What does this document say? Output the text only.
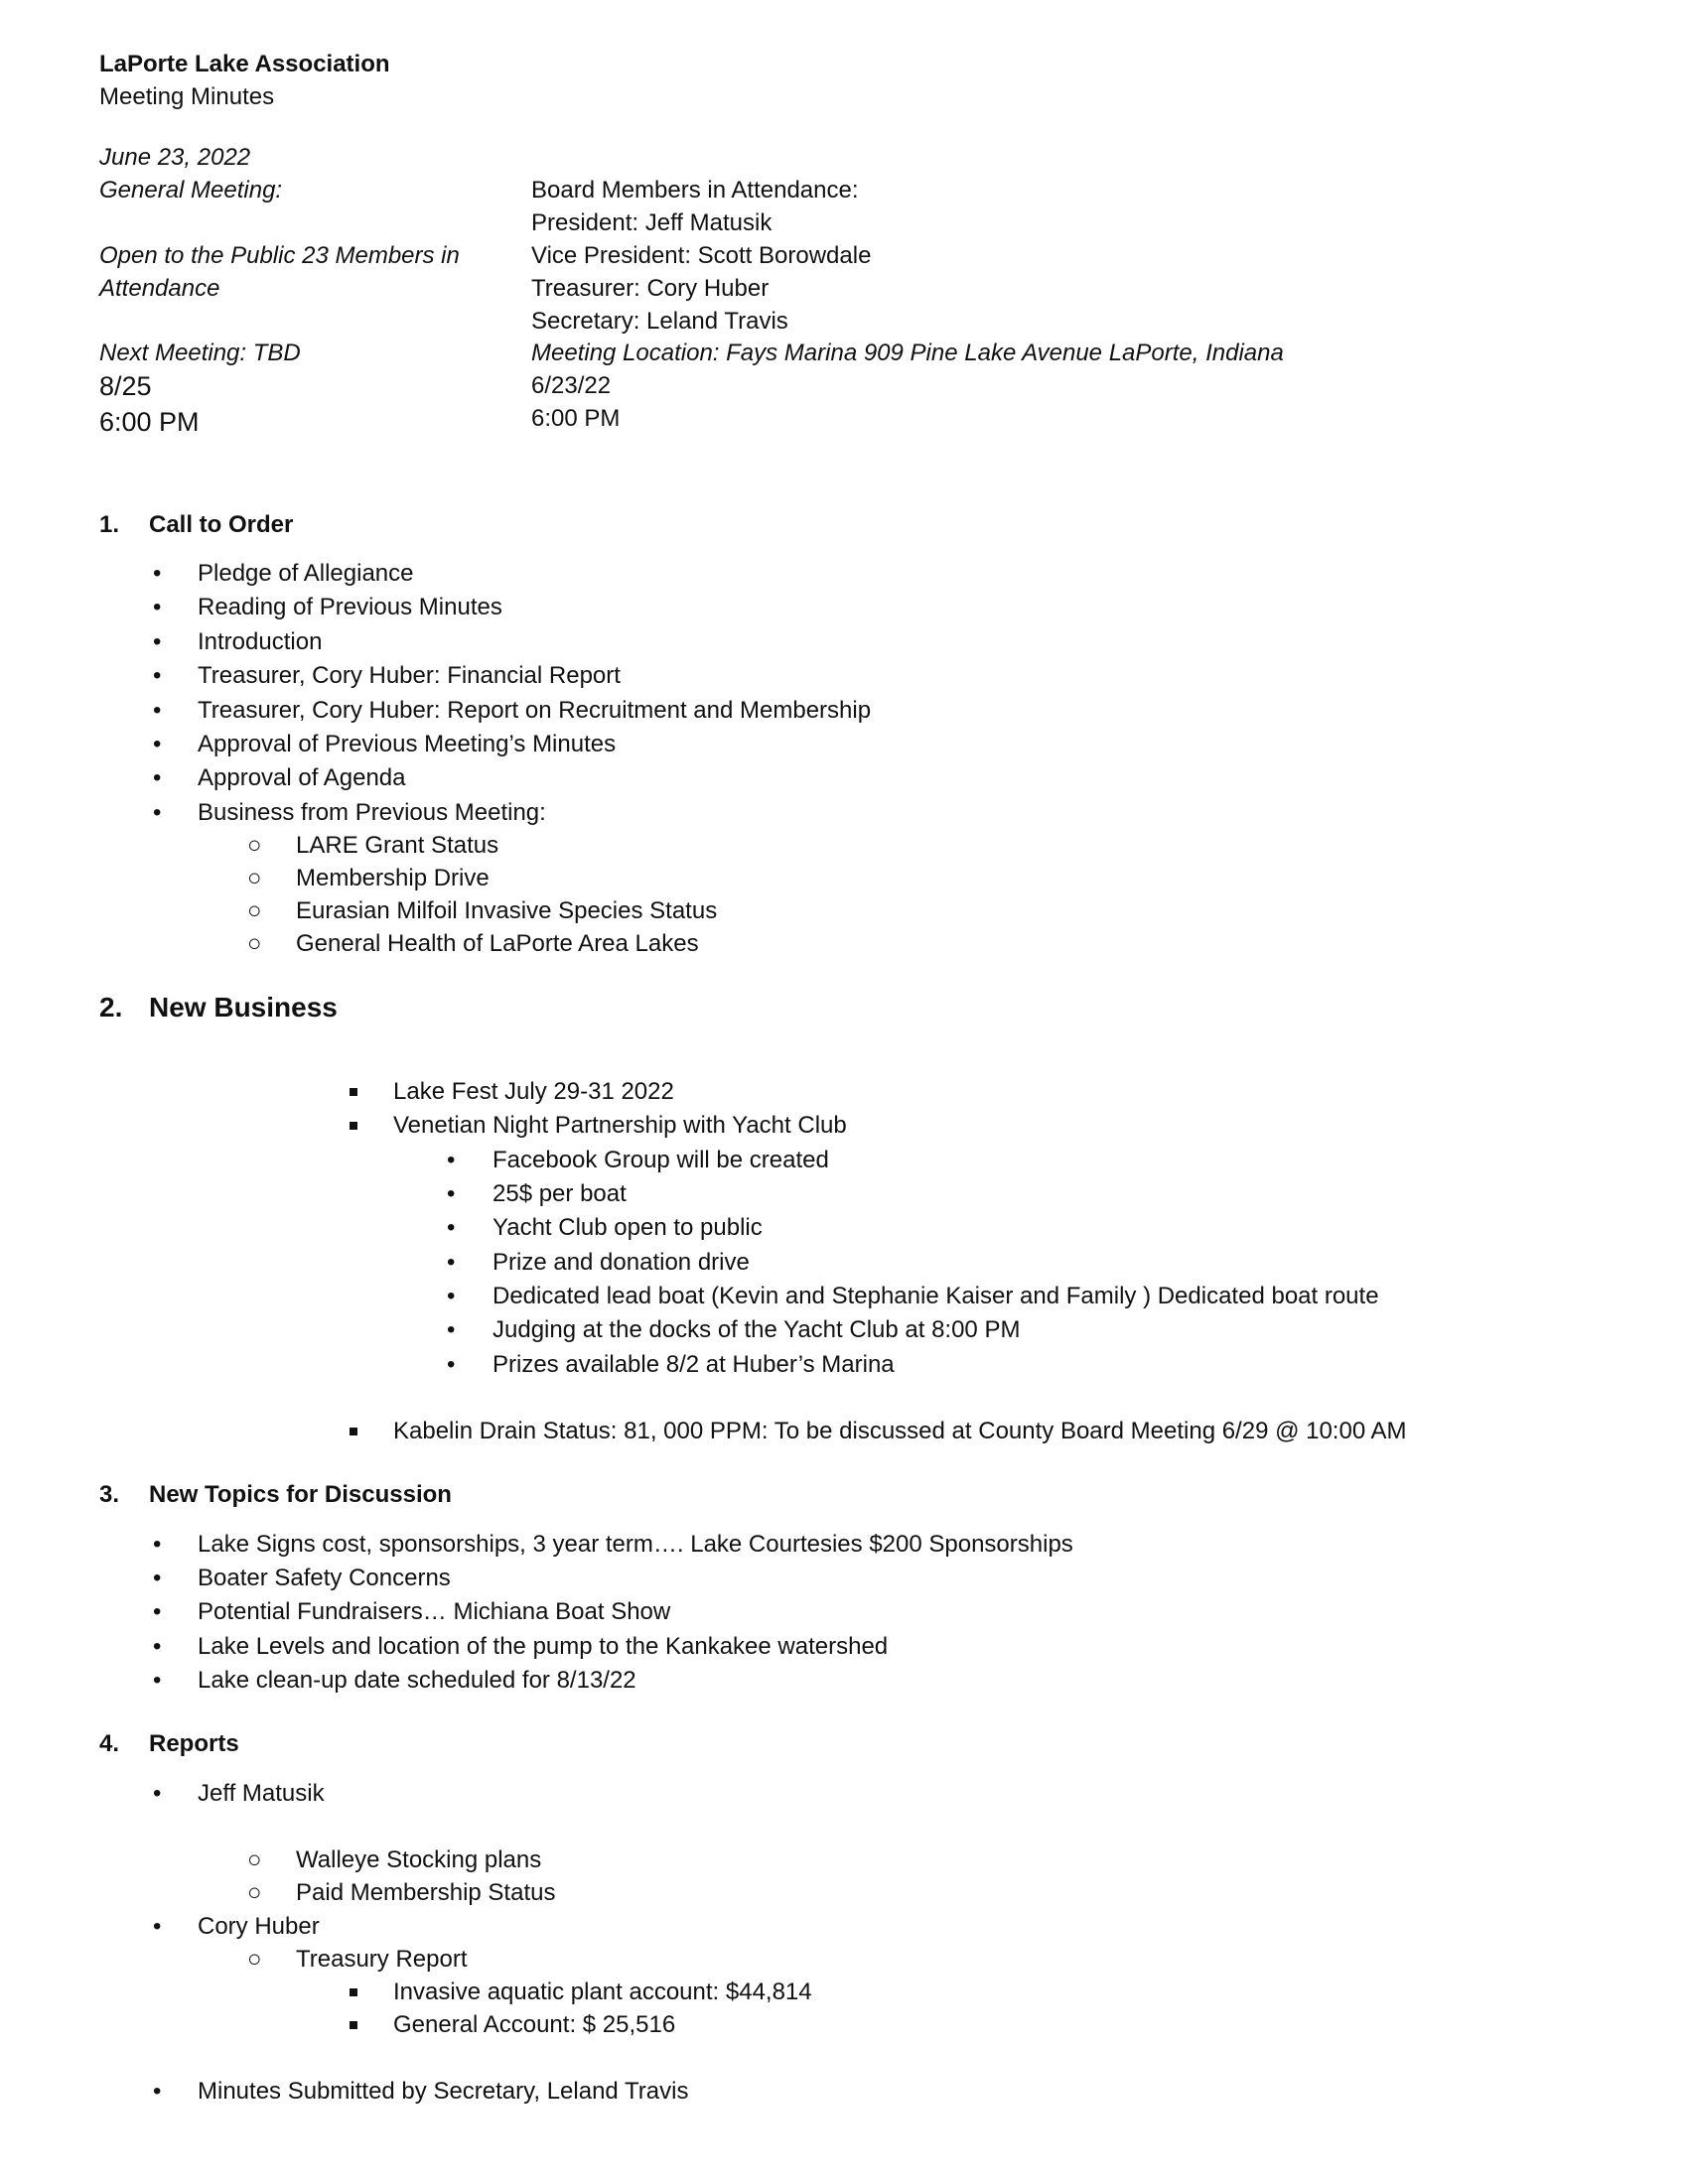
LaPorte Lake Association
Meeting Minutes
June 23, 2022
General Meeting:
Open to the Public 23 Members in
Attendance
Next Meeting: TBD
8/25
6:00 PM
Board Members in Attendance:
President: Jeff Matusik
Vice President: Scott Borowdale
Treasurer: Cory Huber
Secretary: Leland Travis
Meeting Location: Fays Marina 909 Pine Lake Avenue LaPorte, Indiana
6/23/22
6:00 PM
1. Call to Order
• Pledge of Allegiance
• Reading of Previous Minutes
• Introduction
• Treasurer, Cory Huber: Financial Report
• Treasurer, Cory Huber: Report on Recruitment and Membership
• Approval of Previous Meeting’s Minutes
• Approval of Agenda
• Business from Previous Meeting:
○ LARE Grant Status
○ Membership Drive
○ Eurasian Milfoil Invasive Species Status
○ General Health of LaPorte Area Lakes
2. New Business
Lake Fest July 29-31 2022
Venetian Night Partnership with Yacht Club
• Facebook Group will be created
• 25$ per boat
• Yacht Club open to public
• Prize and donation drive
• Dedicated lead boat (Kevin and Stephanie Kaiser and Family ) Dedicated boat route
• Judging at the docks of the Yacht Club at 8:00 PM
• Prizes available 8/2 at Huber’s Marina
Kabelin Drain Status: 81, 000 PPM: To be discussed at County Board Meeting 6/29 @ 10:00 AM
3. New Topics for Discussion
• Lake Signs cost, sponsorships, 3 year term…. Lake Courtesies $200 Sponsorships
• Boater Safety Concerns
• Potential Fundraisers… Michiana Boat Show
• Lake Levels and location of the pump to the Kankakee watershed
• Lake clean-up date scheduled for 8/13/22
4. Reports
• Jeff Matusik
○ Walleye Stocking plans
○ Paid Membership Status
• Cory Huber
○ Treasury Report
Invasive aquatic plant account: $44,814
General Account: $ 25,516
• Minutes Submitted by Secretary, Leland Travis
